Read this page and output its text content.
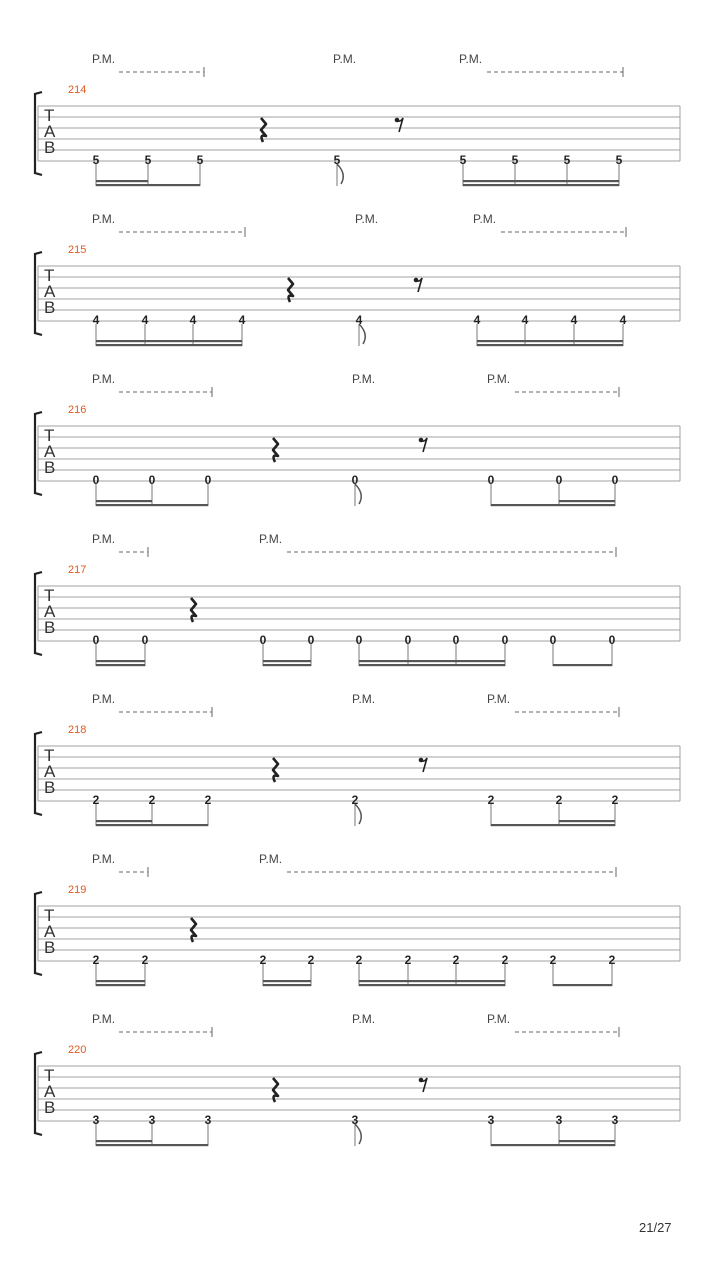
P.M.	P.M.	P.M.
214
T
A
B
5	5	5	5	5	5	5	5
P.M.	P.M.	P.M.
215
T
A
B
4	4	4	4	4	4	4	4	4
P.M.	P.M.	P.M.
216
T
A
B
0	0	0	0	0	0	0
P.M.	P.M.
217
T
A
B
0	0	0	0	0	0	0	0	0	0
P.M.	P.M.	P.M.
218
T
A
B
2	2	2	2	2	2	2
P.M.	P.M.
219
T
A
B
2	2	2	2	2	2	2	2	2	2
P.M.	P.M.	P.M.
220
T
A
B
3	3	3	3	3	3	3
21/27
